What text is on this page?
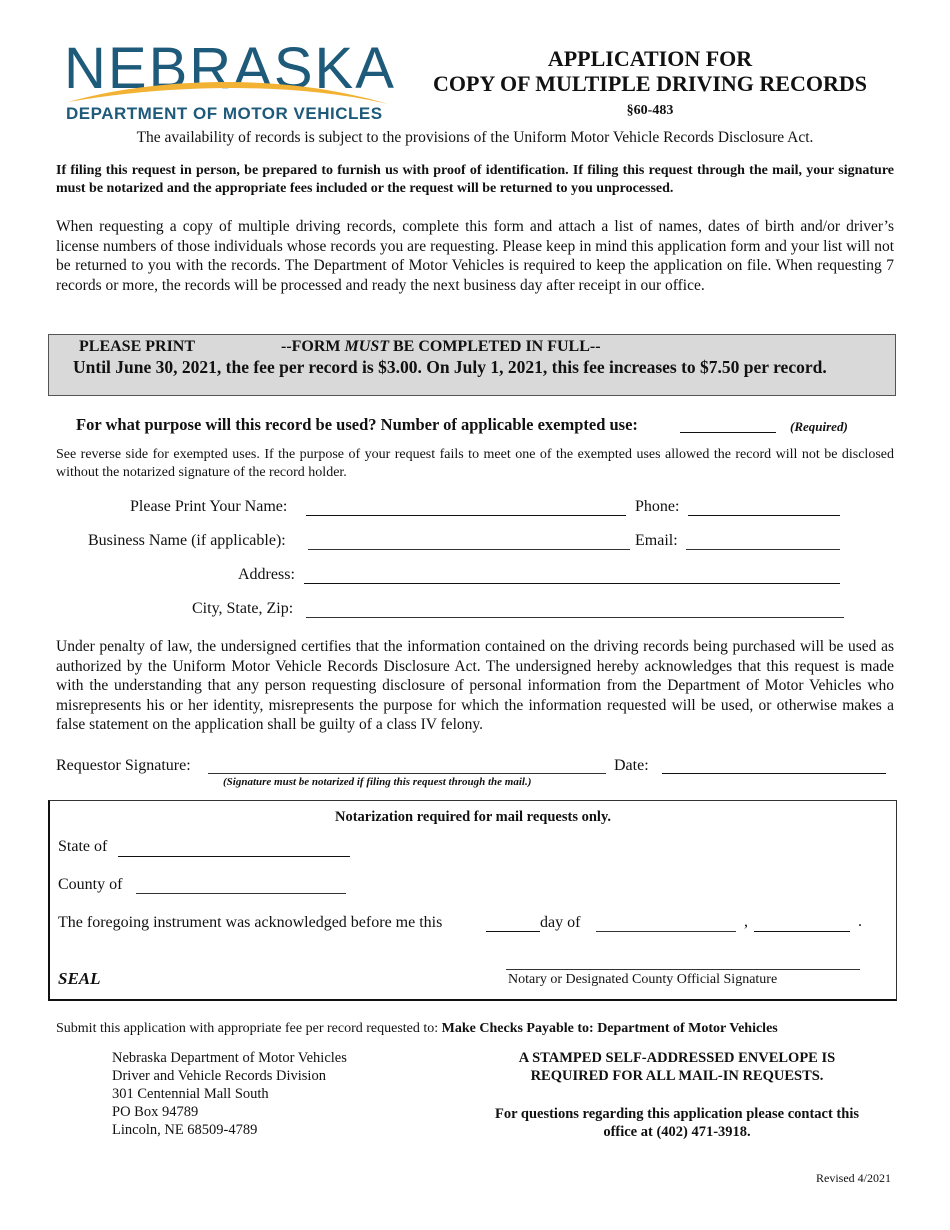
NEBRASKA
DEPARTMENT OF MOTOR VEHICLES
APPLICATION FOR
COPY OF MULTIPLE DRIVING RECORDS
§60-483
The availability of records is subject to the provisions of the Uniform Motor Vehicle Records Disclosure Act.
If filing this request in person, be prepared to furnish us with proof of identification. If filing this request through the mail, your signature must be notarized and the appropriate fees included or the request will be returned to you unprocessed.
When requesting a copy of multiple driving records, complete this form and attach a list of names, dates of birth and/or driver’s license numbers of those individuals whose records you are requesting. Please keep in mind this application form and your list will not be returned to you with the records. The Department of Motor Vehicles is required to keep the application on file. When requesting 7 records or more, the records will be processed and ready the next business day after receipt in our office.
PLEASE PRINT	--FORM MUST BE COMPLETED IN FULL--
Until June 30, 2021, the fee per record is $3.00. On July 1, 2021, this fee increases to $7.50 per record.
For what purpose will this record be used? Number of applicable exempted use:	(Required)
See reverse side for exempted uses. If the purpose of your request fails to meet one of the exempted uses allowed the record will not be disclosed without the notarized signature of the record holder.
Please Print Your Name:	Phone:
Business Name (if applicable):	Email:
Address:
City, State, Zip:
Under penalty of law, the undersigned certifies that the information contained on the driving records being purchased will be used as authorized by the Uniform Motor Vehicle Records Disclosure Act. The undersigned hereby acknowledges that this request is made with the understanding that any person requesting disclosure of personal information from the Department of Motor Vehicles who misrepresents his or her identity, misrepresents the purpose for which the information requested will be used, or otherwise makes a false statement on the application shall be guilty of a class IV felony.
Requestor Signature:	Date:
(Signature must be notarized if filing this request through the mail.)
Notarization required for mail requests only.
State of
County of
The foregoing instrument was acknowledged before me this	day of	,	.
SEAL	Notary or Designated County Official Signature
Submit this application with appropriate fee per record requested to: Make Checks Payable to: Department of Motor Vehicles
Nebraska Department of Motor Vehicles
Driver and Vehicle Records Division
301 Centennial Mall South
PO Box 94789
Lincoln, NE 68509-4789
A STAMPED SELF-ADDRESSED ENVELOPE IS
REQUIRED FOR ALL MAIL-IN REQUESTS.
For questions regarding this application please contact this
office at (402) 471-3918.
Revised 4/2021
